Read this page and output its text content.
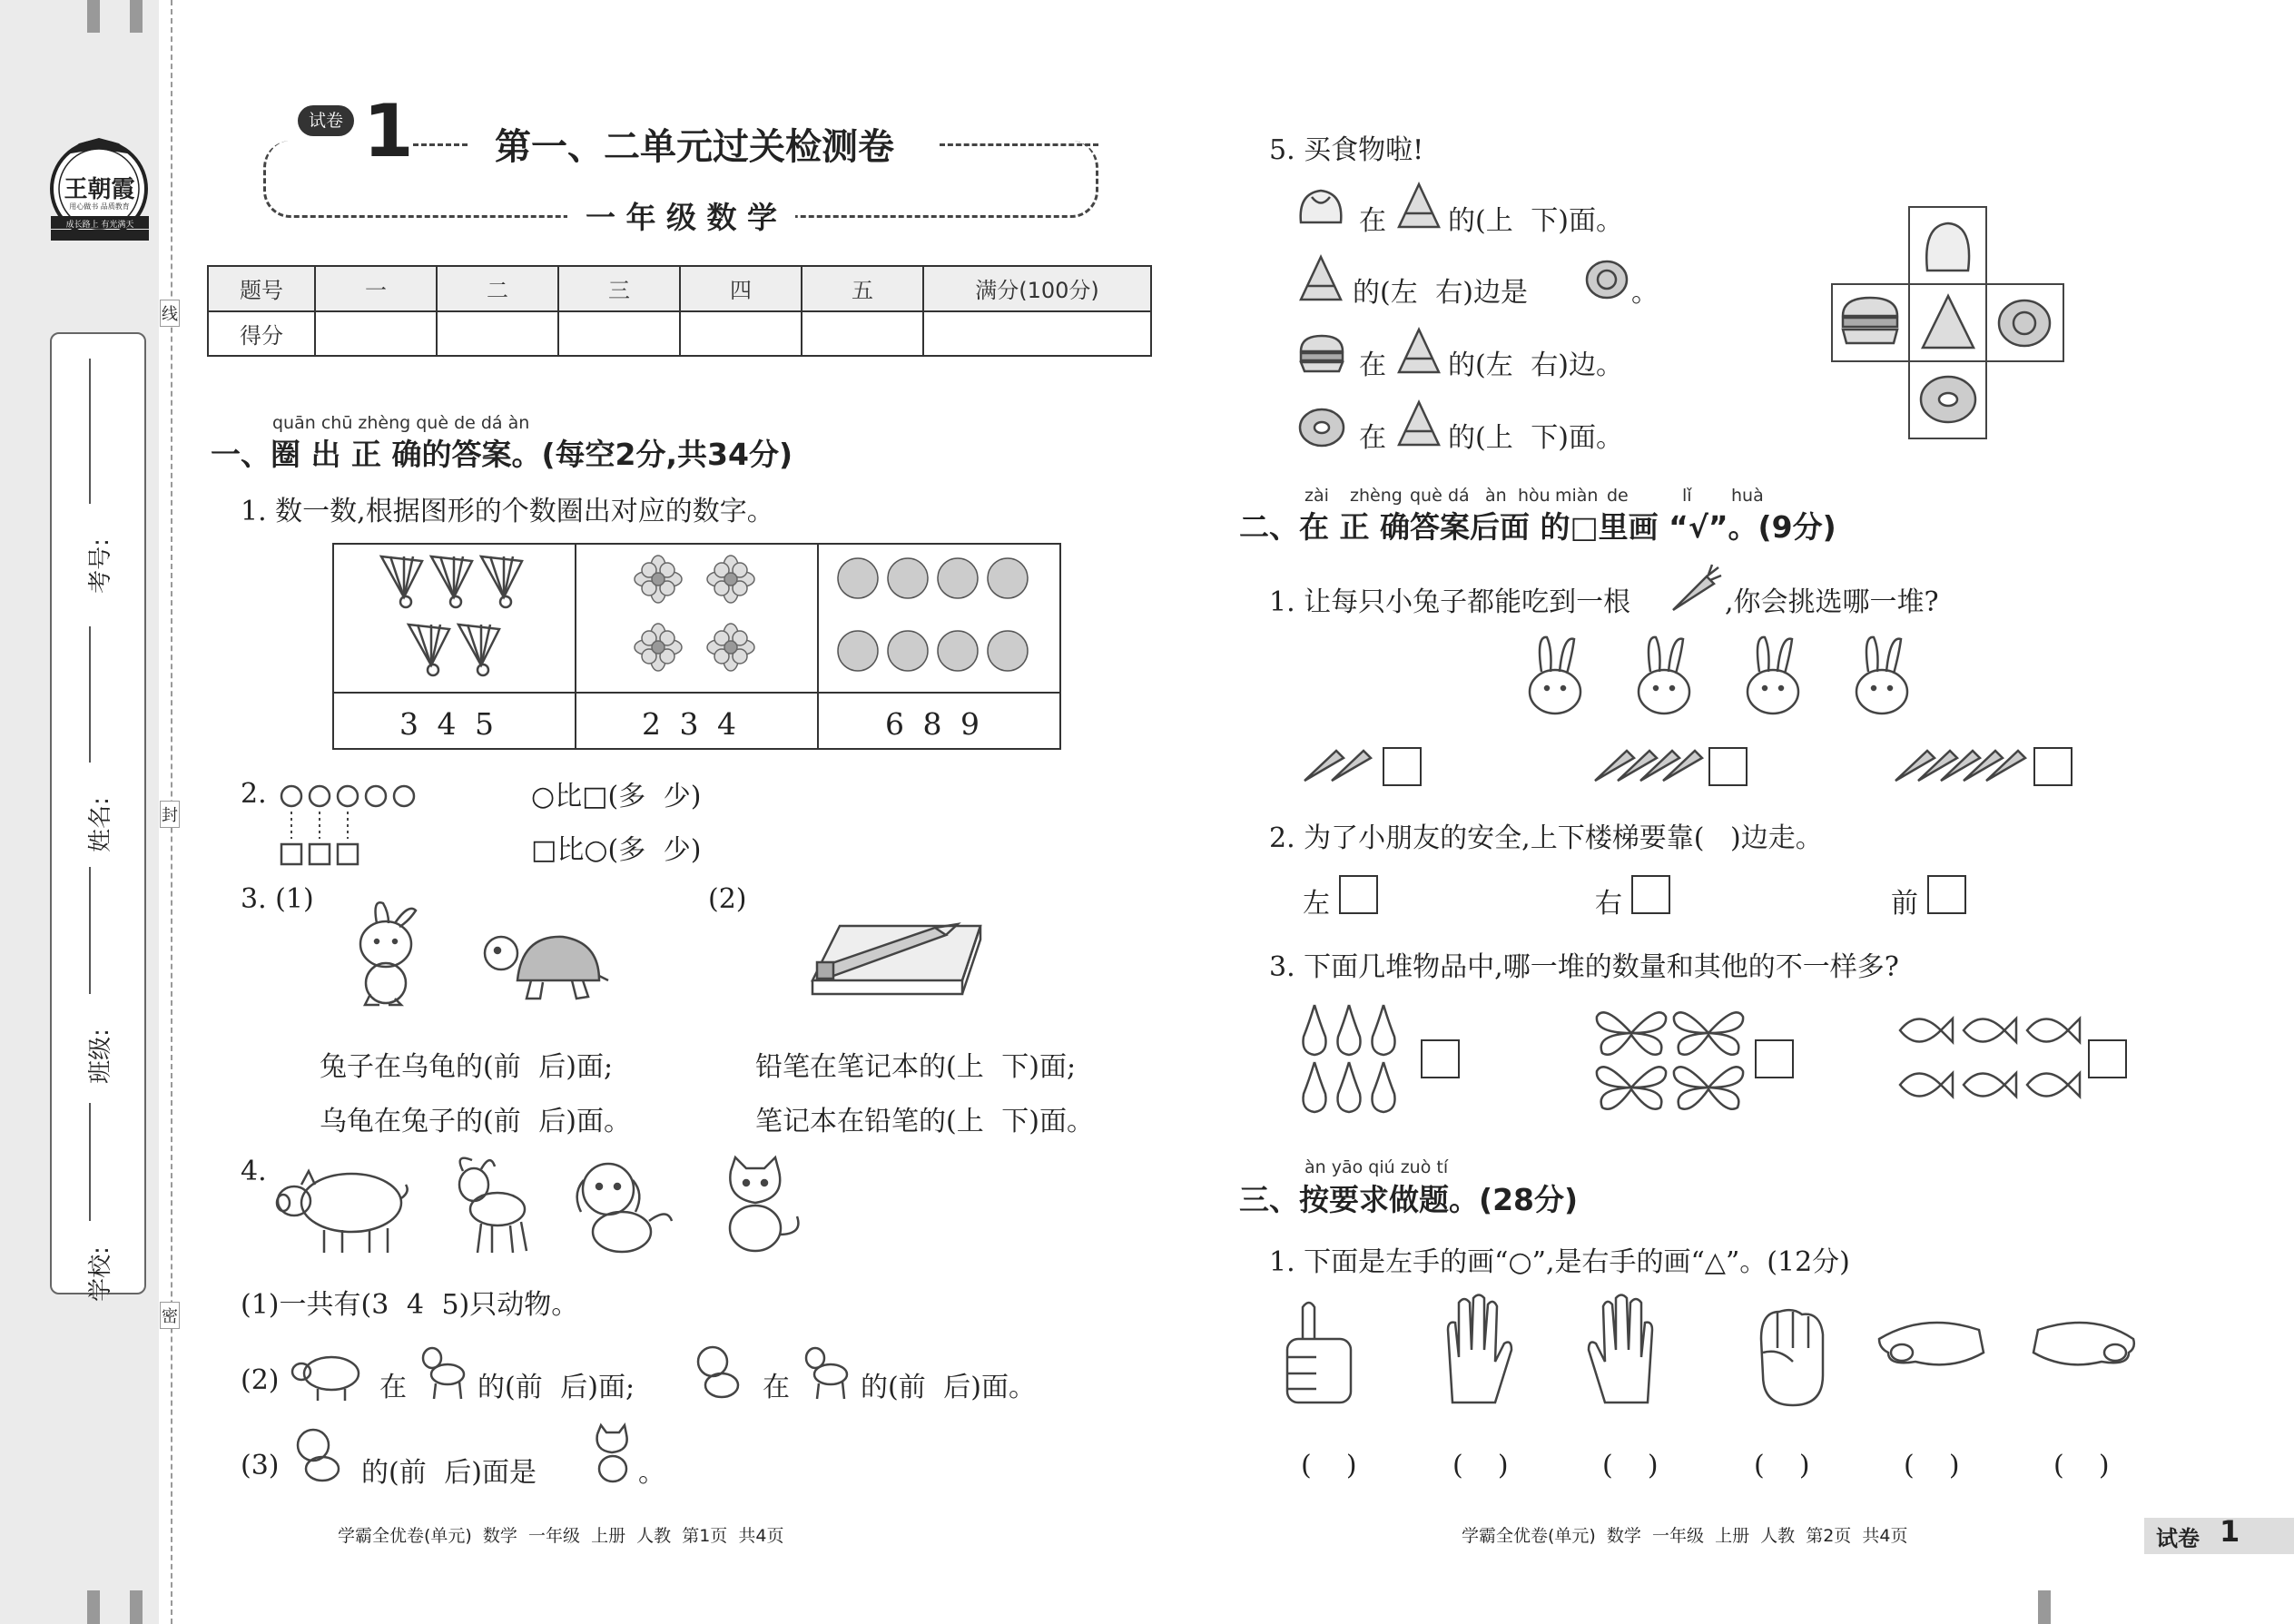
王朝霞
用心做书 品质教育
成长路上 有光满天
线
封
密
考号:
姓名:
班级:
学校:
试卷 1 第一、二单元过关检测卷
一 年 级 数 学
题号	一	二	三	四	五	满分(100分)
得分						
quān chū zhèng què de dá àn
一、圈 出 正 确的答案。(每空2分,共34分)
1. 数一数,根据图形的个数圈出对应的数字。
3 4 5	2 3 4	6 8 9
2.	○比□(多 少)
□比○(多 少)
3. (1)	(2)
兔子在乌龟的(前 后)面;
乌龟在兔子的(前 后)面。
铅笔在笔记本的(上 下)面;
笔记本在铅笔的(上 下)面。
4.
(1)一共有(3 4 5)只动物。
(2)	在	的(前 后)面;	在	的(前 后)面。
(3)	的(前 后)面是	。
学霸全优卷(单元)  数学  一年级  上册  人教  第1页  共4页
5. 买食物啦!
在 的(上 下)面。
的(左 右)边是	。
在 的(左 右)边。
在 的(上 下)面。
zài zhèng què dá àn hòu miàn de	lǐ huà
二、在 正 确答案后面 的□里画 “√”。(9分)
1. 让每只小兔子都能吃到一根	,你会挑选哪一堆?
2. 为了小朋友的安全,上下楼梯要靠(   )边走。
左	右	前
3. 下面几堆物品中,哪一堆的数量和其他的不一样多?
àn yāo qiú zuò tí
三、按要求做题。(28分)
1. 下面是左手的画“○”,是右手的画“△”。(12分)
(    )	(    )	(    )	(    )	(    )	(    )
学霸全优卷(单元)  数学  一年级  上册  人教  第2页  共4页	试卷 1
